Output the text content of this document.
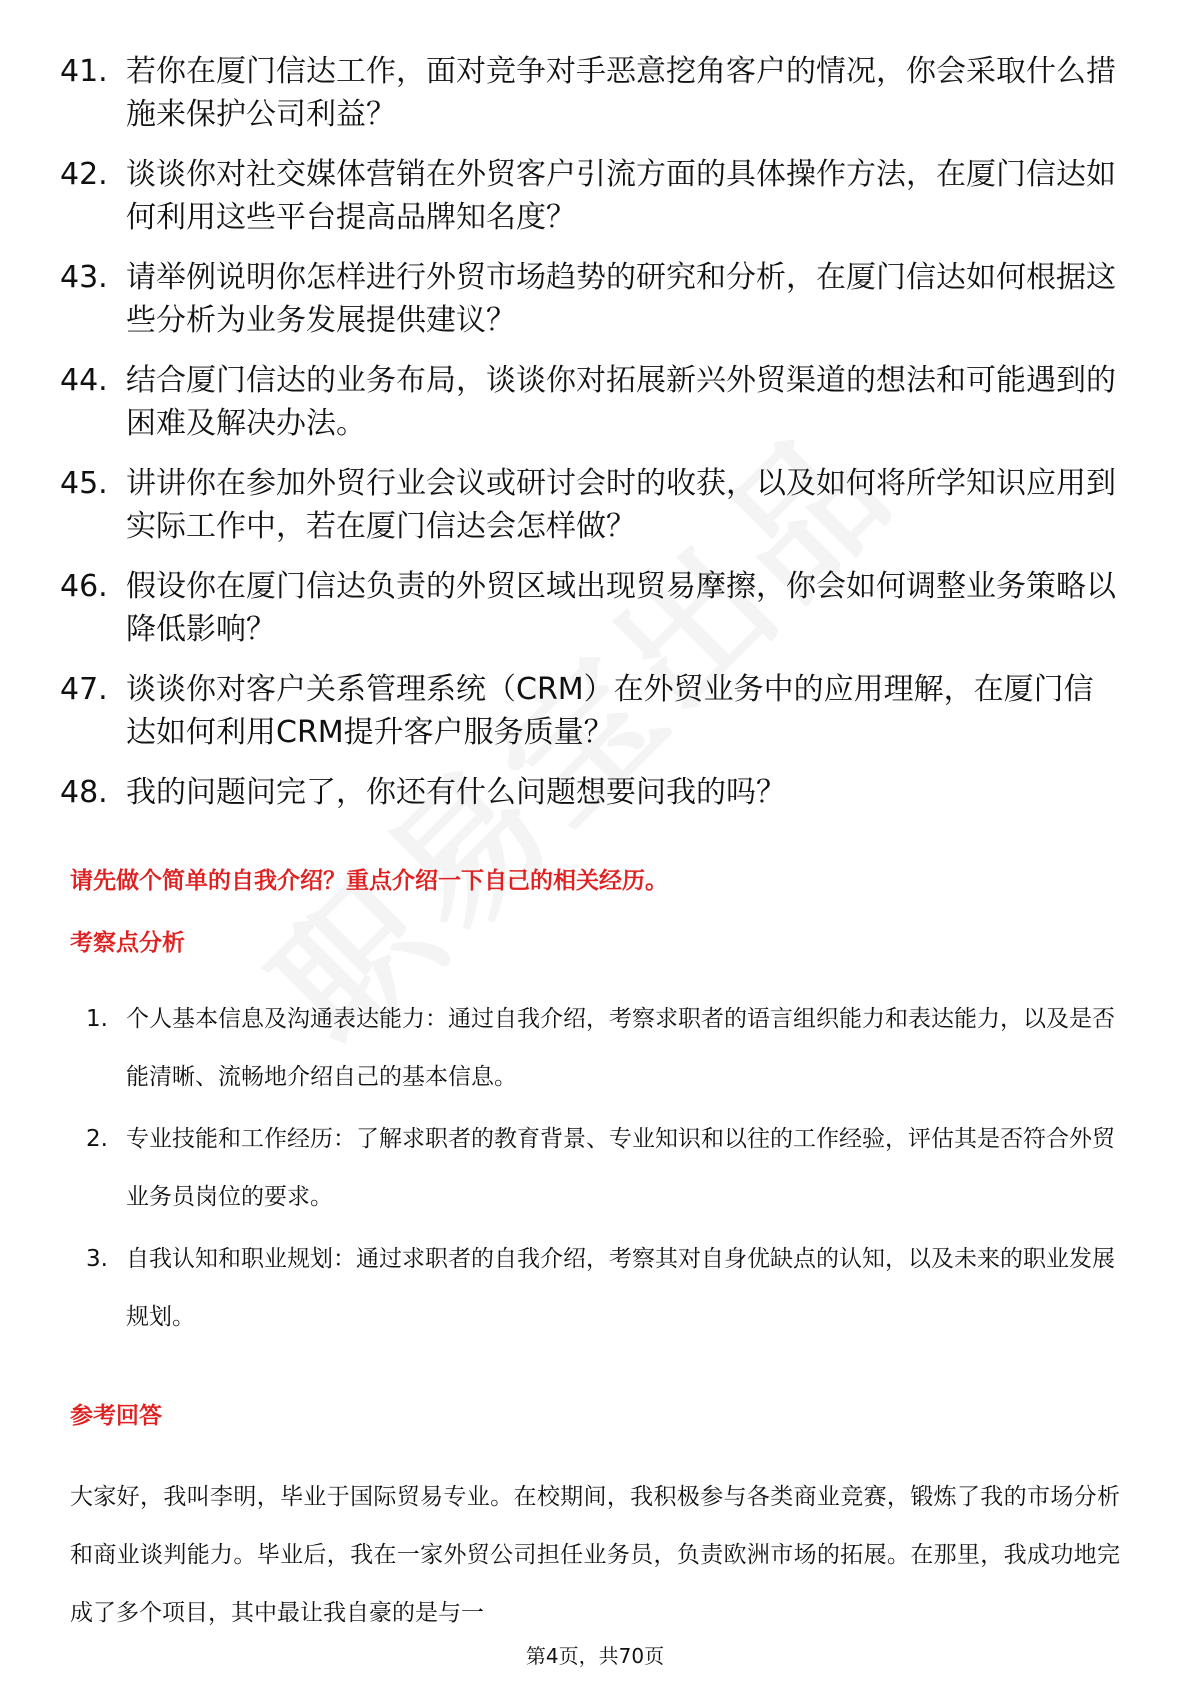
41. 若你在厦门信达工作，面对竞争对手恶意挖角客户的情况，你会采取什么措施来保护公司利益？
42. 谈谈你对社交媒体营销在外贸客户引流方面的具体操作方法，在厦门信达如何利用这些平台提高品牌知名度？
43. 请举例说明你怎样进行外贸市场趋势的研究和分析，在厦门信达如何根据这些分析为业务发展提供建议？
44. 结合厦门信达的业务布局，谈谈你对拓展新兴外贸渠道的想法和可能遇到的困难及解决办法。
45. 讲讲你在参加外贸行业会议或研讨会时的收获，以及如何将所学知识应用到实际工作中，若在厦门信达会怎样做？
46. 假设你在厦门信达负责的外贸区域出现贸易摩擦，你会如何调整业务策略以降低影响？
47. 谈谈你对客户关系管理系统（CRM）在外贸业务中的应用理解，在厦门信达如何利用CRM提升客户服务质量？
48. 我的问题问完了，你还有什么问题想要问我的吗？
请先做个简单的自我介绍？重点介绍一下自己的相关经历。
考察点分析
1. 个人基本信息及沟通表达能力：通过自我介绍，考察求职者的语言组织能力和表达能力，以及是否能清晰、流畅地介绍自己的基本信息。
2. 专业技能和工作经历：了解求职者的教育背景、专业知识和以往的工作经验，评估其是否符合外贸业务员岗位的要求。
3. 自我认知和职业规划：通过求职者的自我介绍，考察其对自身优缺点的认知，以及未来的职业发展规划。
参考回答

大家好，我叫李明，毕业于国际贸易专业。在校期间，我积极参与各类商业竞赛，锻炼了我的市场分析和商业谈判能力。毕业后，我在一家外贸公司担任业务员，负责欧洲市场的拓展。在那里，我成功地完成了多个项目，其中最让我自豪的是与一

第4页，共70页
